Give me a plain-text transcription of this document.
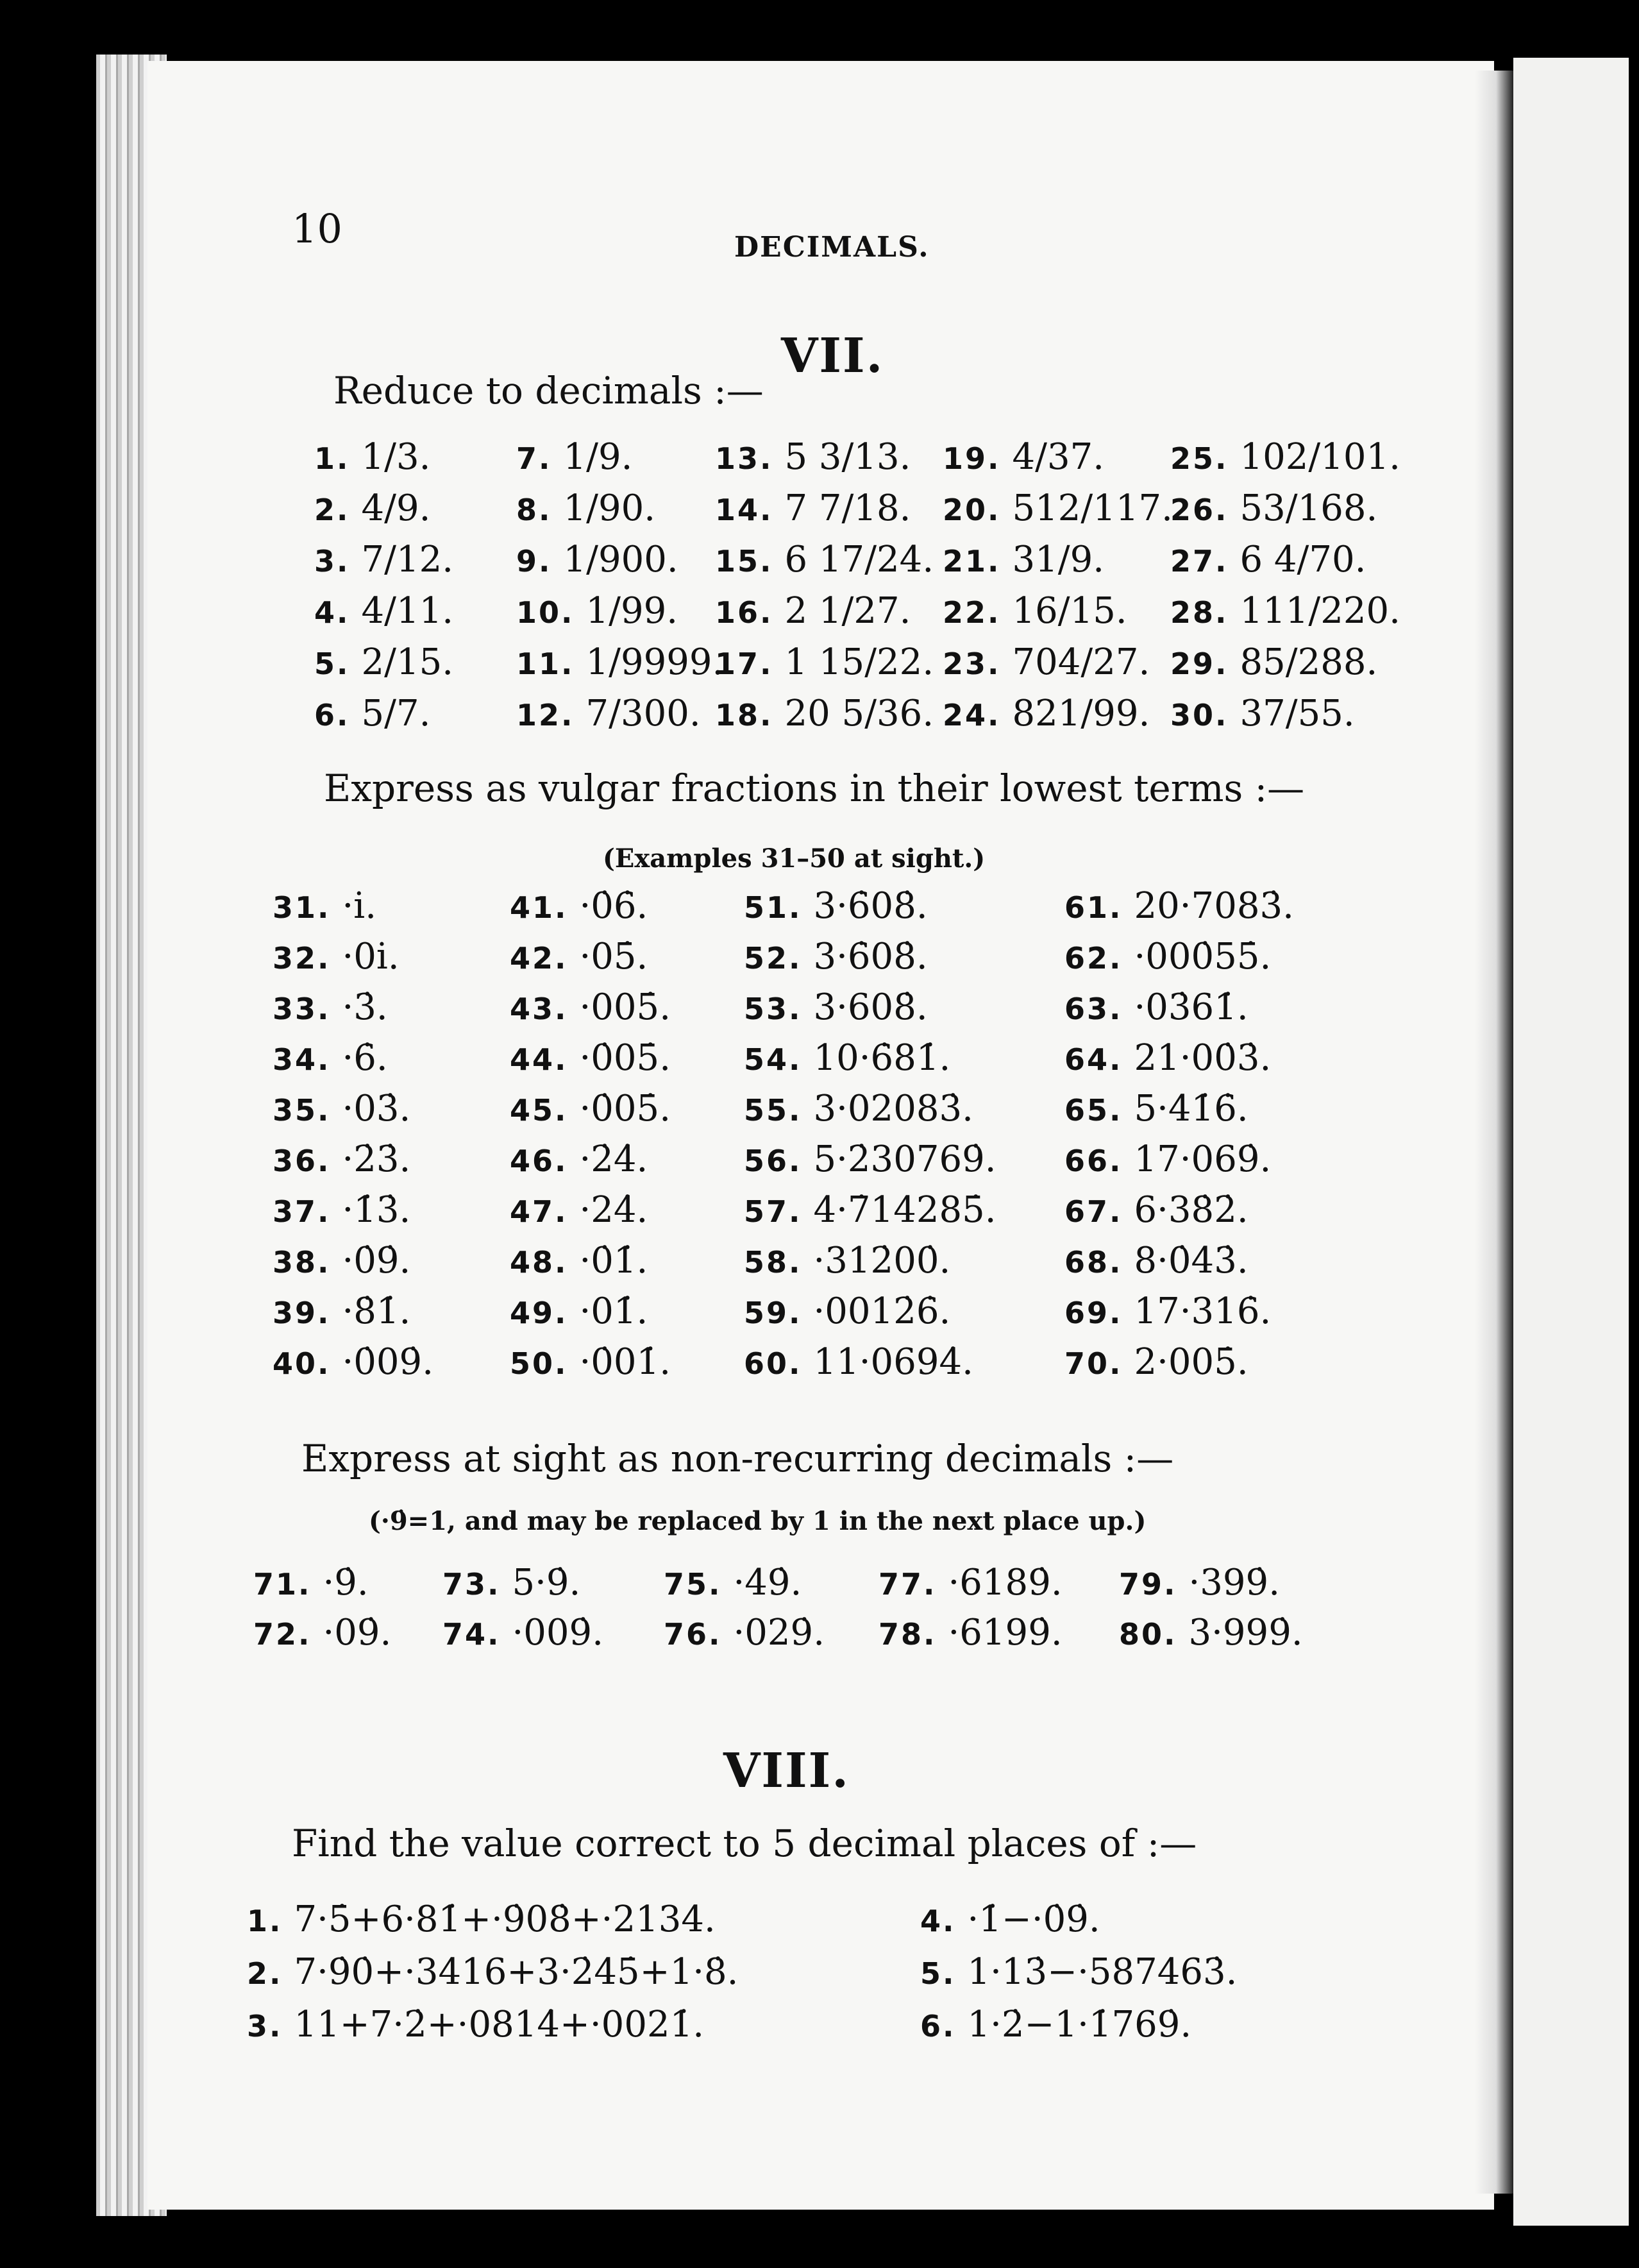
10	DECIMALS.
VII.
Reduce to decimals :—
1. 1/3.
2. 4/9.
3. 7/12.
4. 4/11.
5. 2/15.
6. 5/7.
7. 1/9.
8. 1/90.
9. 1/900.
10. 1/99.
11. 1/9999.
12. 7/300.
13. 5 3/13.
14. 7 7/18.
15. 6 17/24.
16. 2 1/27.
17. 1 15/22.
18. 20 5/36.
19. 4/37.
20. 512/117.
21. 31/9.
22. 16/15.
23. 704/27.
24. 821/99.
25. 102/101.
26. 53/168.
27. 6 4/70.
28. 111/220.
29. 85/288.
30. 37/55.
Express as vulgar fractions in their lowest terms :—
(Examples 31–50 at sight.)
31. ·i.
32. ·0i.
33. ·3̇.
34. ·6̇.
35. ·03̇.
36. ·2̇3̇.
37. ·1̇3̇.
38. ·0̇9̇.
39. ·8̇1̇.
40. ·0̇09̇.
41. ·0̇6̇.
42. ·05̇.
43. ·005̇.
44. ·0̇05̇.
45. ·0̇05̇.
46. ·2̇4̇.
47. ·24̇.
48. ·0̇1̇.
49. ·01̇.
50. ·0̇01̇.
51. 3·6̇08̇.
52. 3·6̇08̇.
53. 3·608̇.
54. 10·6̇81̇.
55. 3·02083̇.
56. 5·2̇30769̇.
57. 4·7̇14285̇.
58. ·312̇00̇.
59. ·0012̇6̇.
60. 11·0694̇.
61. 20·7083̇.
62. ·000̇55̇.
63. ·03̇61̇.
64. 21·00̇3̇.
65. 5·41̇6̇.
66. 17·069̇.
67. 6·38̇2̇.
68. 8·0̇43̇.
69. 17·316̇.
70. 2·005̇.
Express at sight as non-recurring decimals :—
(·9̇=1, and may be replaced by 1 in the next place up.)
71. ·9̇.
72. ·09̇.
73. 5·9̇.
74. ·009̇.
75. ·49̇.
76. ·029̇.
77. ·6189̇.
78. ·6199̇.
79. ·399̇.
80. 3·999̇.
VIII.
Find the value correct to 5 decimal places of :—
1. 7·5̇+6·81̇+·9̇08̇+·2134.
2. 7·9̇0̇+·3416+3·2̇45̇+1·8̇.
3. 11+7·2̇+·0814̇+·0021̇.
4. ·1̇−·0̇9̇.
5. 1·13̇−·587463̇.
6. 1·2̇−1·1̇769̇.
